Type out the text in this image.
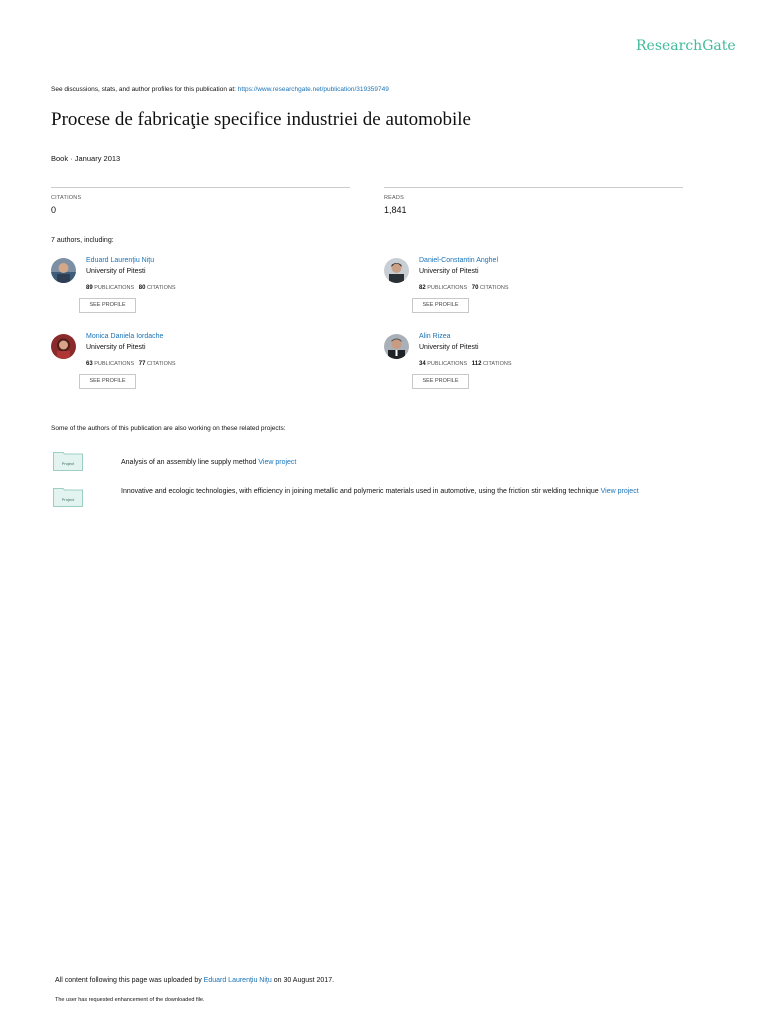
ResearchGate
See discussions, stats, and author profiles for this publication at: https://www.researchgate.net/publication/319359749
Procese de fabricaţie specifice industriei de automobile
Book · January 2013
CITATIONS
0
READS
1,841
7 authors, including:
Eduard Laurenţiu Niţu
University of Pitesti
89 PUBLICATIONS 80 CITATIONS
SEE PROFILE
Daniel-Constantin Anghel
University of Pitesti
82 PUBLICATIONS 70 CITATIONS
SEE PROFILE
Monica Daniela Iordache
University of Pitesti
63 PUBLICATIONS 77 CITATIONS
SEE PROFILE
Alin Rizea
University of Pitesti
34 PUBLICATIONS 112 CITATIONS
SEE PROFILE
Some of the authors of this publication are also working on these related projects:
Project	Analysis of an assembly line supply method View project
Project
Innovative and ecologic technologies, with efficiency in joining metallic and polymeric materials used in automotive, using the friction stir welding technique View project
All content following this page was uploaded by Eduard Laurenţiu Niţu on 30 August 2017.
The user has requested enhancement of the downloaded file.
